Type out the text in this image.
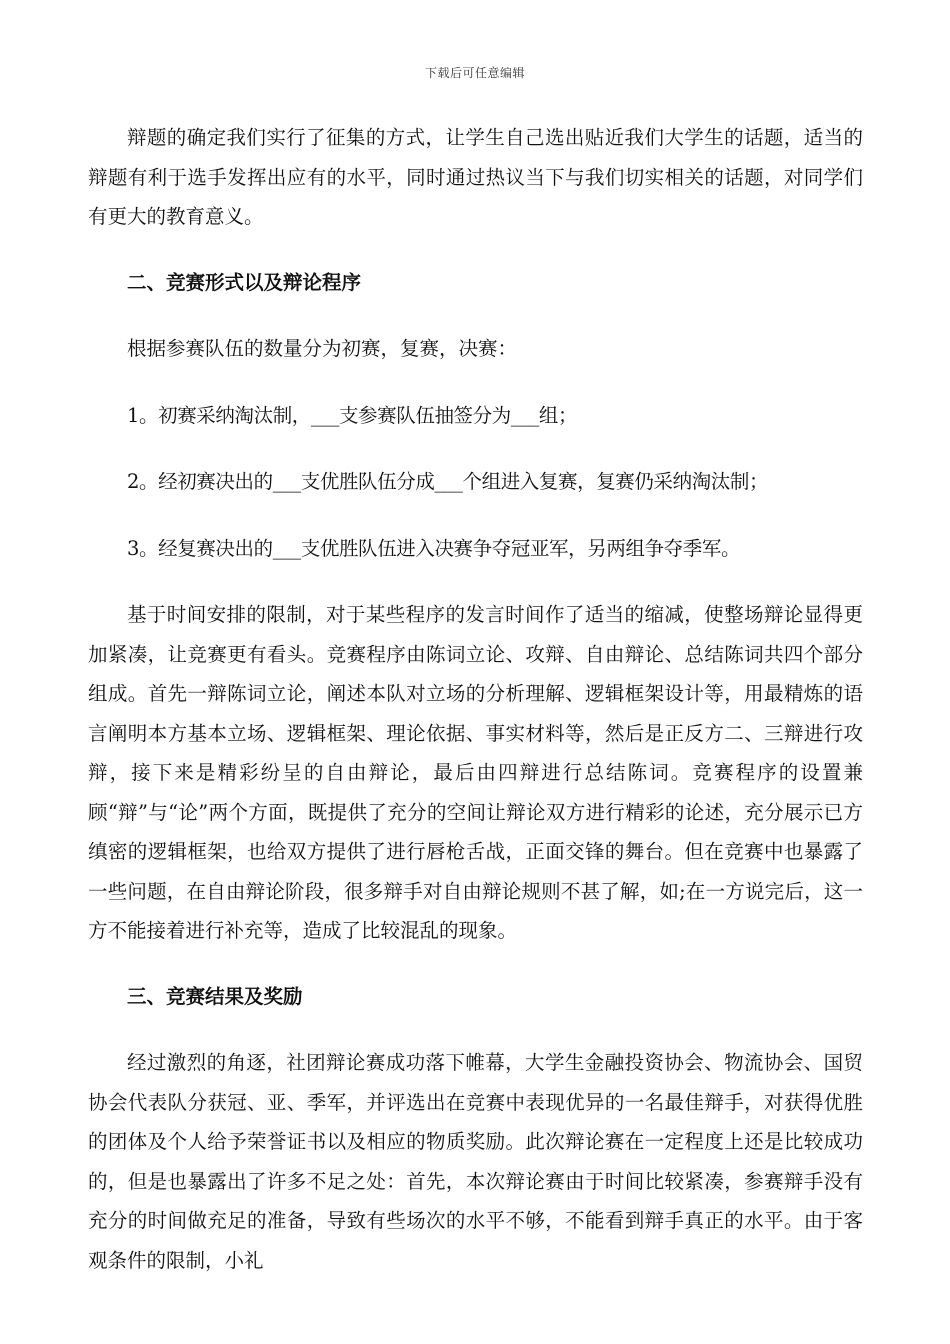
下载后可任意编辑

辩题的确定我们实行了征集的方式，让学生自己选出贴近我们大学生的话题，适当的辩题有利于选手发挥出应有的水平，同时通过热议当下与我们切实相关的话题，对同学们有更大的教育意义。

二、竞赛形式以及辩论程序
根据参赛队伍的数量分为初赛，复赛，决赛：
1。初赛采纳淘汰制，___支参赛队伍抽签分为___组；
2。经初赛决出的___支优胜队伍分成___个组进入复赛，复赛仍采纳淘汰制；
3。经复赛决出的___支优胜队伍进入决赛争夺冠亚军，另两组争夺季军。

基于时间安排的限制，对于某些程序的发言时间作了适当的缩减，使整场辩论显得更加紧凑，让竞赛更有看头。竞赛程序由陈词立论、攻辩、自由辩论、总结陈词共四个部分组成。首先一辩陈词立论，阐述本队对立场的分析理解、逻辑框架设计等，用最精炼的语言阐明本方基本立场、逻辑框架、理论依据、事实材料等，然后是正反方二、三辩进行攻辩，接下来是精彩纷呈的自由辩论，最后由四辩进行总结陈词。竞赛程序的设置兼顾“辩”与“论”两个方面，既提供了充分的空间让辩论双方进行精彩的论述，充分展示已方缜密的逻辑框架，也给双方提供了进行唇枪舌战，正面交锋的舞台。但在竞赛中也暴露了一些问题，在自由辩论阶段，很多辩手对自由辩论规则不甚了解，如;在一方说完后，这一方不能接着进行补充等，造成了比较混乱的现象。

三、竞赛结果及奖励

经过激烈的角逐，社团辩论赛成功落下帷幕，大学生金融投资协会、物流协会、国贸协会代表队分获冠、亚、季军，并评选出在竞赛中表现优异的一名最佳辩手，对获得优胜的团体及个人给予荣誉证书以及相应的物质奖励。此次辩论赛在一定程度上还是比较成功的，但是也暴露出了许多不足之处：首先，本次辩论赛由于时间比较紧凑，参赛辩手没有充分的时间做充足的准备，导致有些场次的水平不够，不能看到辩手真正的水平。由于客观条件的限制，小礼
